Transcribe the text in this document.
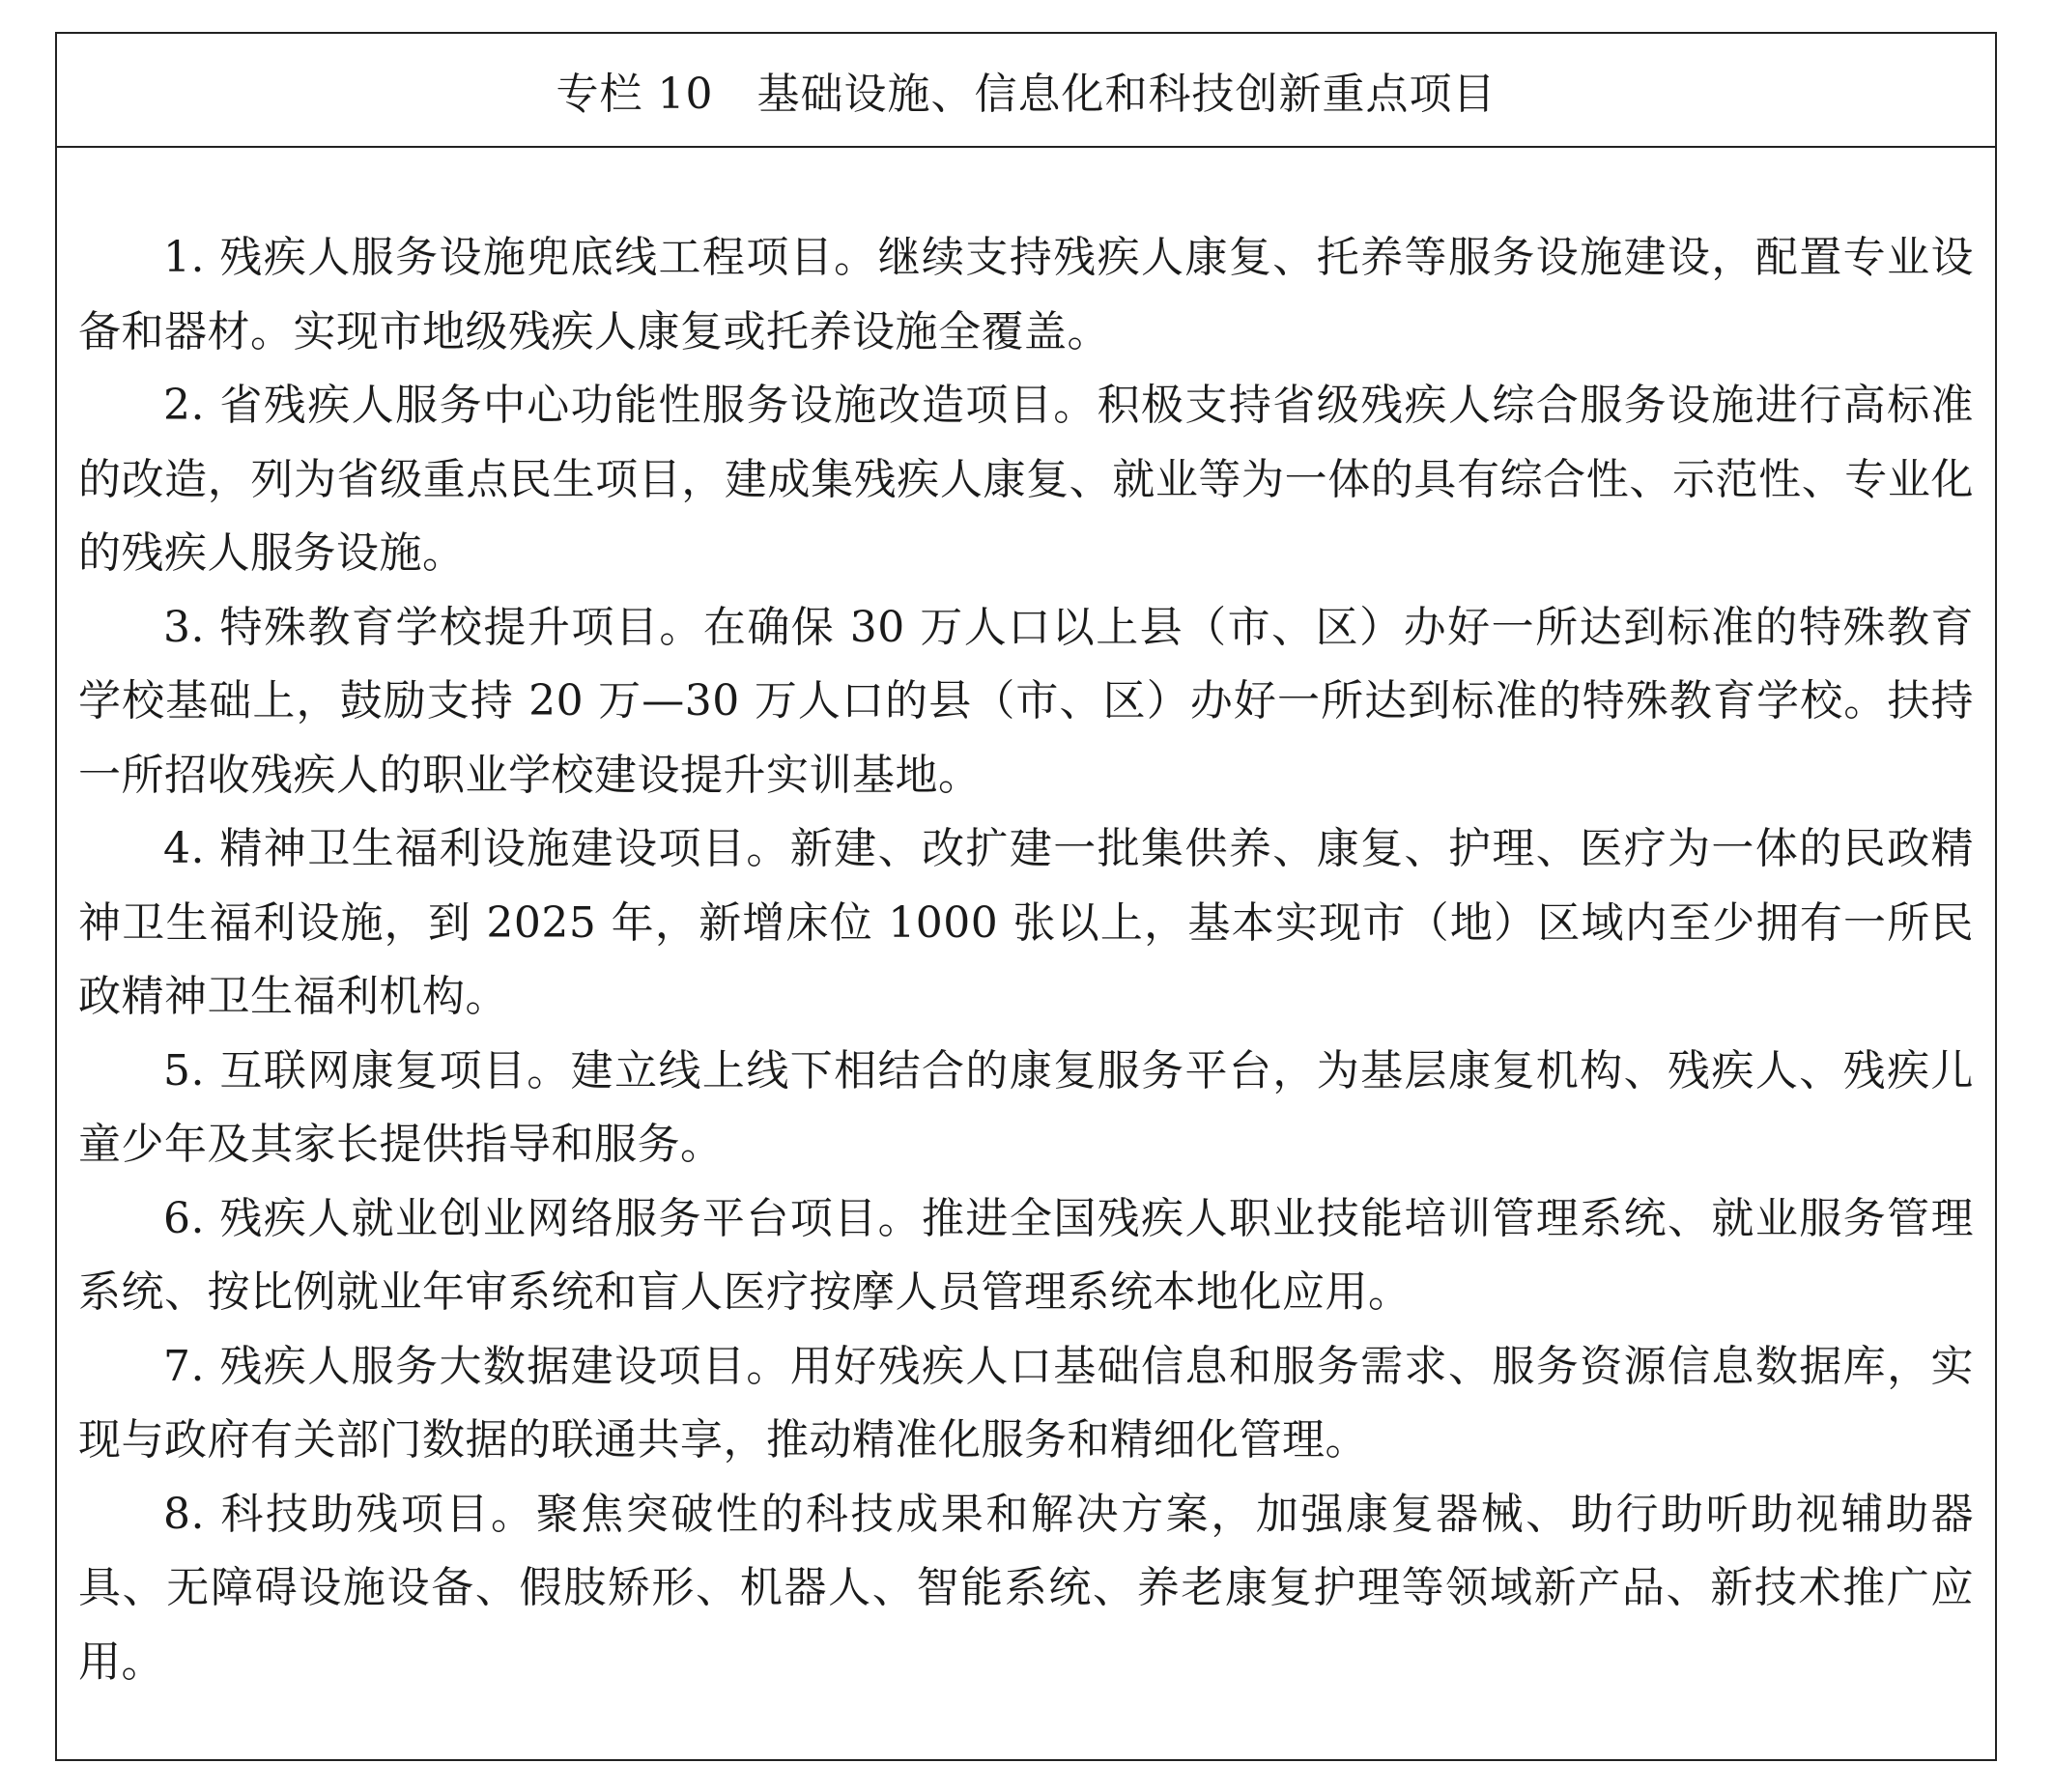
专栏 10　基础设施、信息化和科技创新重点项目

1. 残疾人服务设施兜底线工程项目。继续支持残疾人康复、托养等服务设施建设，配置专业设备和器材。实现市地级残疾人康复或托养设施全覆盖。

2. 省残疾人服务中心功能性服务设施改造项目。积极支持省级残疾人综合服务设施进行高标准的改造，列为省级重点民生项目，建成集残疾人康复、就业等为一体的具有综合性、示范性、专业化的残疾人服务设施。

3. 特殊教育学校提升项目。在确保 30 万人口以上县（市、区）办好一所达到标准的特殊教育学校基础上，鼓励支持 20 万—30 万人口的县（市、区）办好一所达到标准的特殊教育学校。扶持一所招收残疾人的职业学校建设提升实训基地。

4. 精神卫生福利设施建设项目。新建、改扩建一批集供养、康复、护理、医疗为一体的民政精神卫生福利设施，到 2025 年，新增床位 1000 张以上，基本实现市（地）区域内至少拥有一所民政精神卫生福利机构。

5. 互联网康复项目。建立线上线下相结合的康复服务平台，为基层康复机构、残疾人、残疾儿童少年及其家长提供指导和服务。

6. 残疾人就业创业网络服务平台项目。推进全国残疾人职业技能培训管理系统、就业服务管理系统、按比例就业年审系统和盲人医疗按摩人员管理系统本地化应用。

7. 残疾人服务大数据建设项目。用好残疾人口基础信息和服务需求、服务资源信息数据库，实现与政府有关部门数据的联通共享，推动精准化服务和精细化管理。

8. 科技助残项目。聚焦突破性的科技成果和解决方案，加强康复器械、助行助听助视辅助器具、无障碍设施设备、假肢矫形、机器人、智能系统、养老康复护理等领域新产品、新技术推广应用。
